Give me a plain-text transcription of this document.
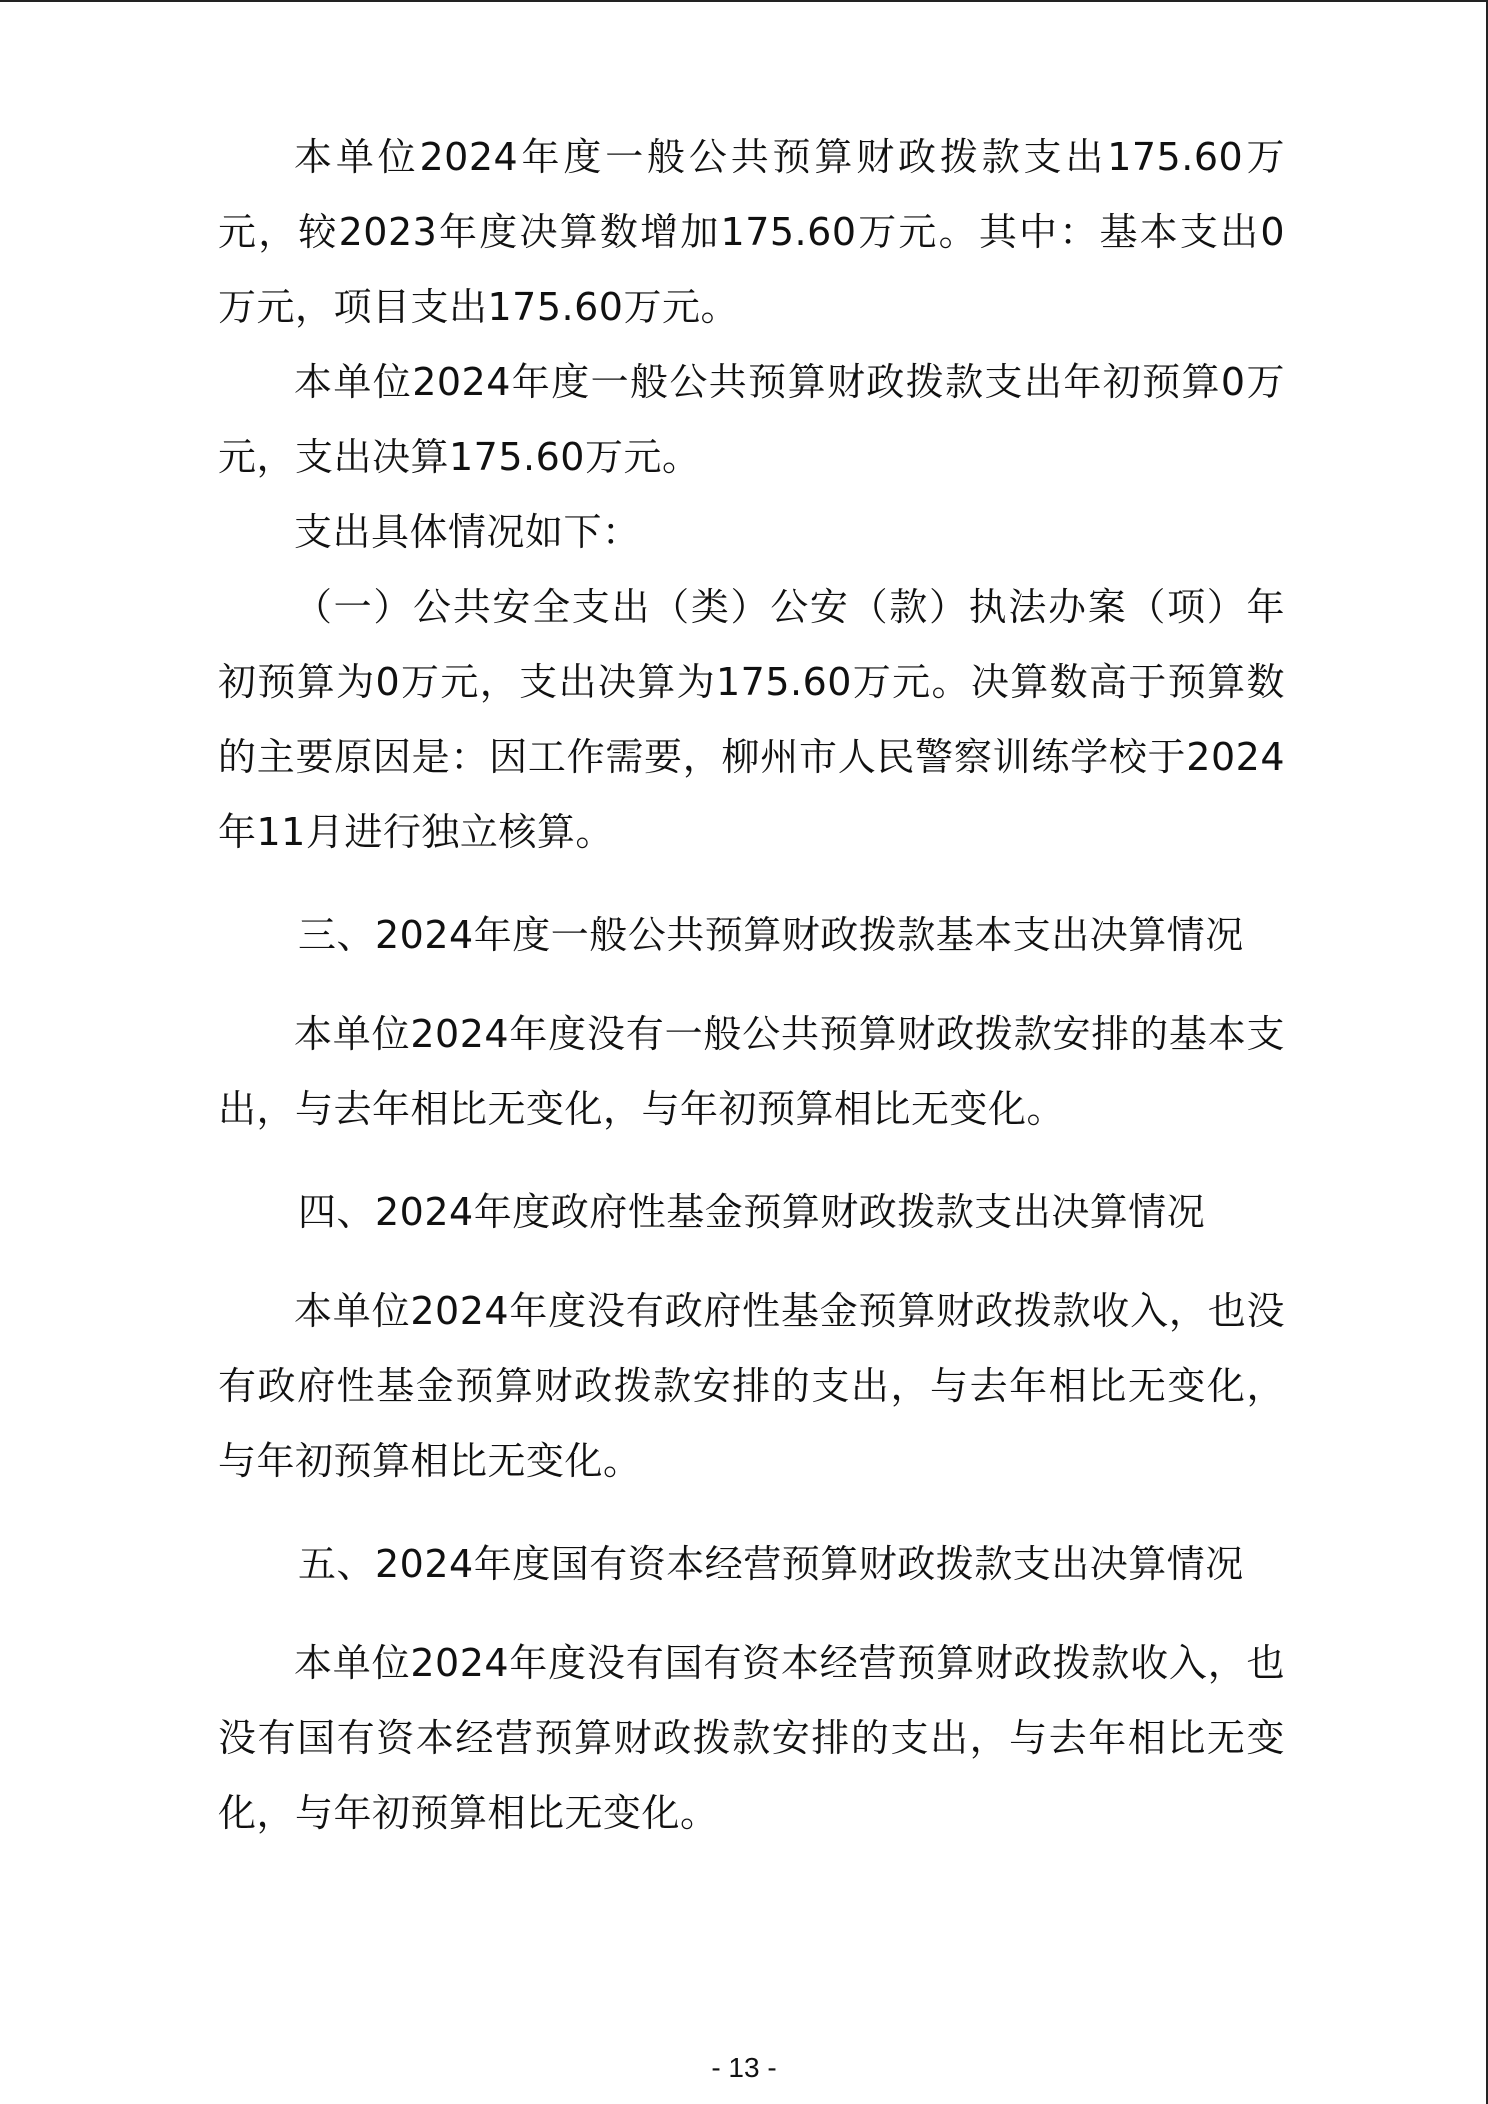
本单位2024年度一般公共预算财政拨款支出175.60万元，较2023年度决算数增加175.60万元。其中：基本支出0万元，项目支出175.60万元。

本单位2024年度一般公共预算财政拨款支出年初预算0万元，支出决算175.60万元。

支出具体情况如下：

（一）公共安全支出（类）公安（款）执法办案（项）年初预算为0万元，支出决算为175.60万元。决算数高于预算数的主要原因是：因工作需要，柳州市人民警察训练学校于2024年11月进行独立核算。

三、2024年度一般公共预算财政拨款基本支出决算情况

本单位2024年度没有一般公共预算财政拨款安排的基本支出，与去年相比无变化，与年初预算相比无变化。

四、2024年度政府性基金预算财政拨款支出决算情况

本单位2024年度没有政府性基金预算财政拨款收入，也没有政府性基金预算财政拨款安排的支出，与去年相比无变化，与年初预算相比无变化。

五、2024年度国有资本经营预算财政拨款支出决算情况

本单位2024年度没有国有资本经营预算财政拨款收入，也没有国有资本经营预算财政拨款安排的支出，与去年相比无变化，与年初预算相比无变化。

- 13 -
